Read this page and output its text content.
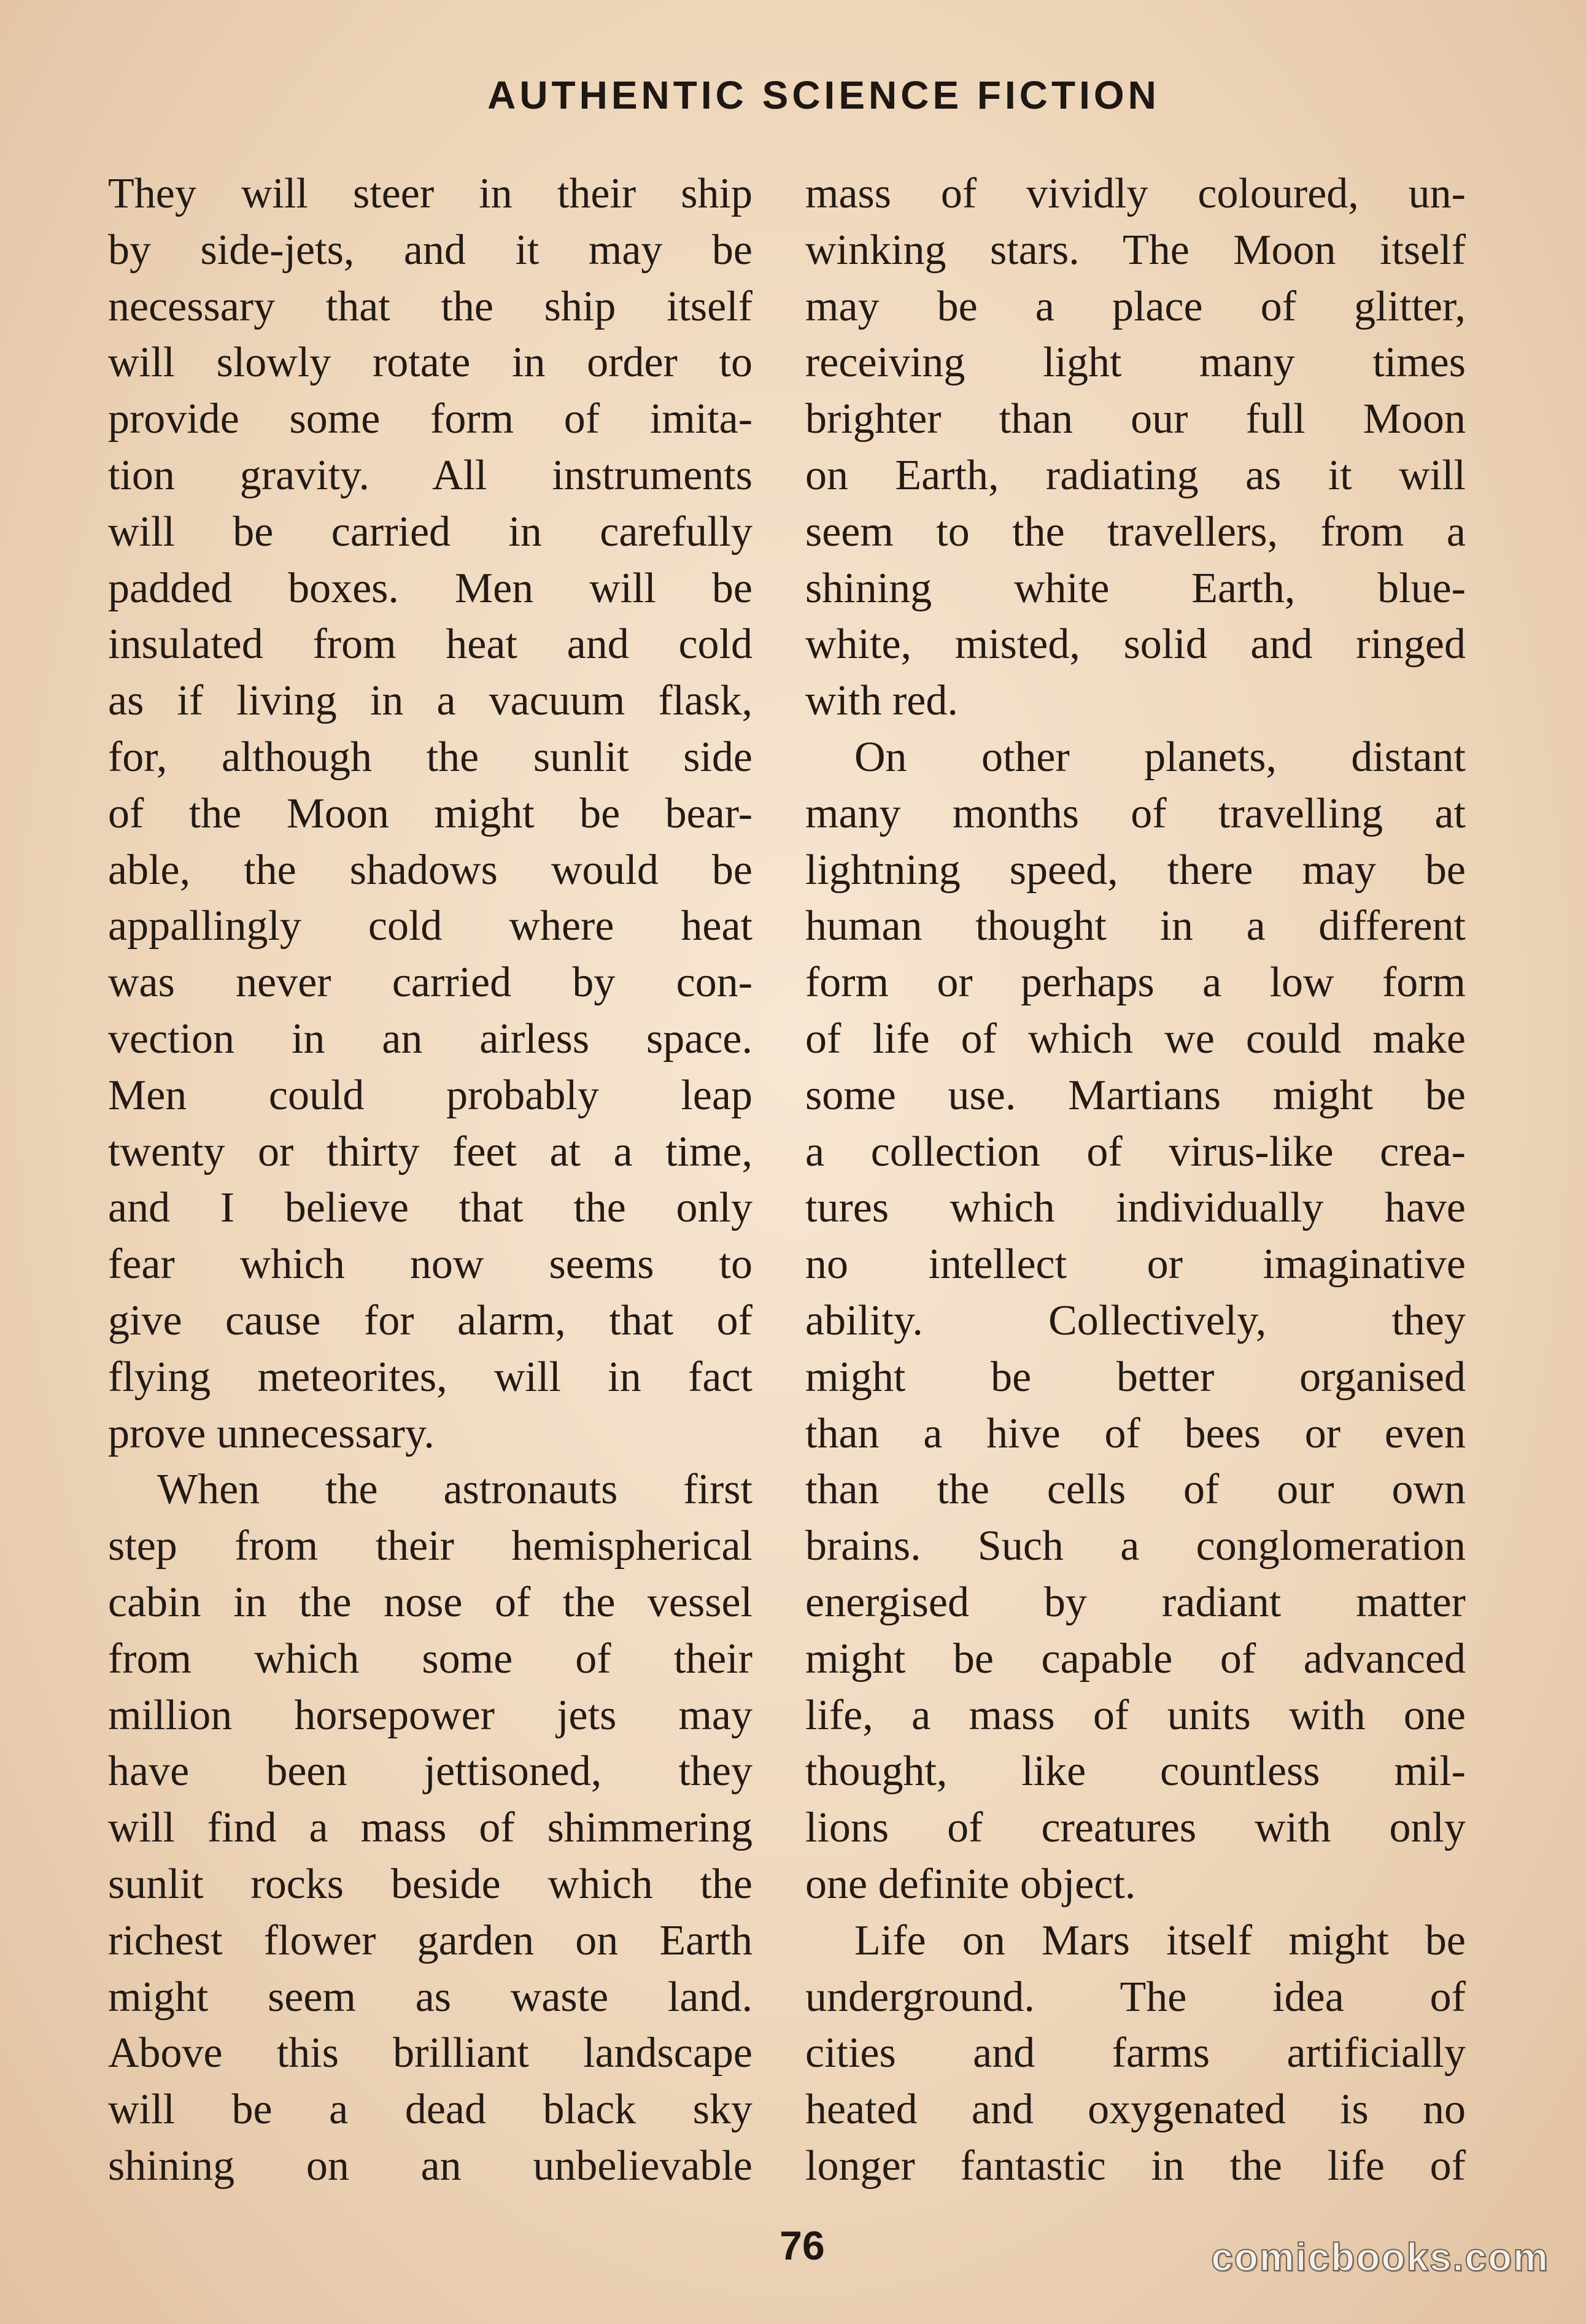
AUTHENTIC SCIENCE FICTION
They will steer in their ship
by side-jets, and it may be
necessary that the ship itself
will slowly rotate in order to
provide some form of imita-
tion gravity. All instruments
will be carried in carefully
padded boxes. Men will be
insulated from heat and cold
as if living in a vacuum flask,
for, although the sunlit side
of the Moon might be bear-
able, the shadows would be
appallingly cold where heat
was never carried by con-
vection in an airless space.
Men could probably leap
twenty or thirty feet at a time,
and I believe that the only
fear which now seems to
give cause for alarm, that of
flying meteorites, will in fact
prove unnecessary.
When the astronauts first
step from their hemispherical
cabin in the nose of the vessel
from which some of their
million horsepower jets may
have been jettisoned, they
will find a mass of shimmering
sunlit rocks beside which the
richest flower garden on Earth
might seem as waste land.
Above this brilliant landscape
will be a dead black sky
shining on an unbelievable
mass of vividly coloured, un-
winking stars. The Moon itself
may be a place of glitter,
receiving light many times
brighter than our full Moon
on Earth, radiating as it will
seem to the travellers, from a
shining white Earth, blue-
white, misted, solid and ringed
with red.
On other planets, distant
many months of travelling at
lightning speed, there may be
human thought in a different
form or perhaps a low form
of life of which we could make
some use. Martians might be
a collection of virus-like crea-
tures which individually have
no intellect or imaginative
ability. Collectively, they
might be better organised
than a hive of bees or even
than the cells of our own
brains. Such a conglomeration
energised by radiant matter
might be capable of advanced
life, a mass of units with one
thought, like countless mil-
lions of creatures with only
one definite object.
Life on Mars itself might be
underground. The idea of
cities and farms artificially
heated and oxygenated is no
longer fantastic in the life of
76	comicbooks.com
